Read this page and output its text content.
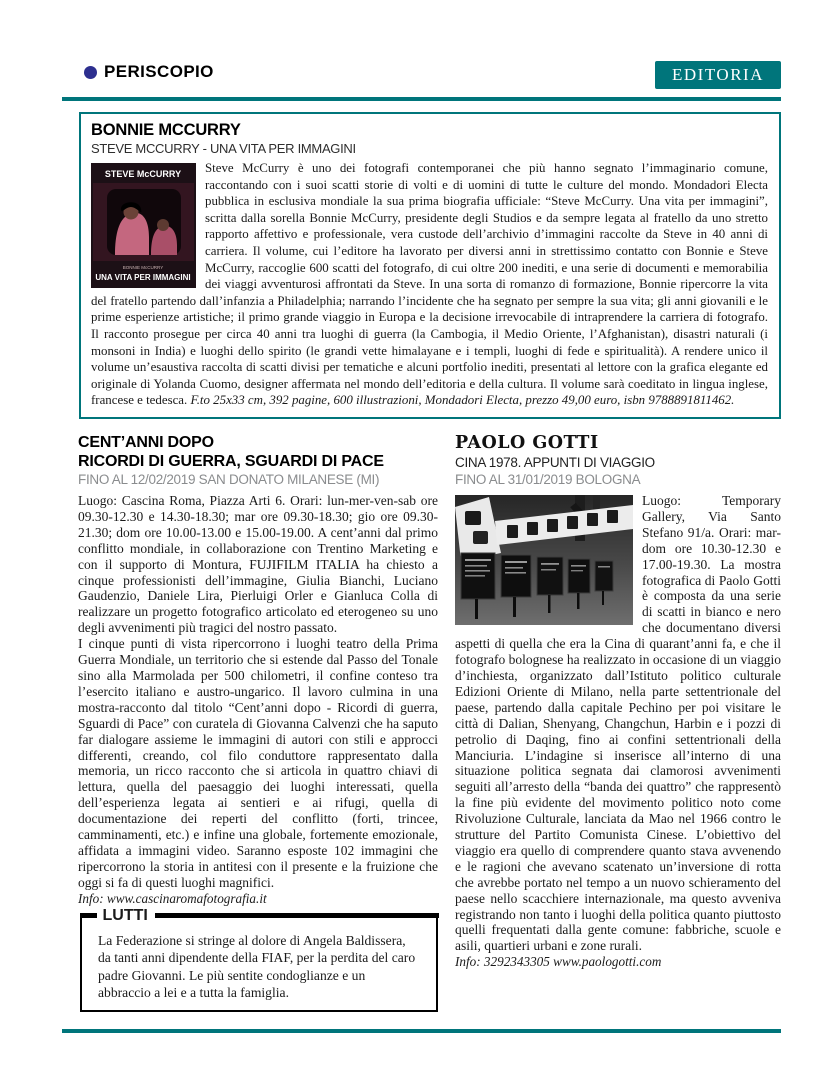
PERISCOPIO	EDITORIA
BONNIE MCCURRY
STEVE MCCURRY - UNA VITA PER IMMAGINI

STEVE McCURRY
BONNIE McCURRY
UNA VITA PER IMMAGINI
Steve McCurry è uno dei fotografi contemporanei che più hanno segnato l’immaginario comune, raccontando con i suoi scatti storie di volti e di uomini di tutte le culture del mondo. Mondadori Electa pubblica in esclusiva mondiale la sua prima biografia ufficiale: “Steve McCurry. Una vita per immagini”, scritta dalla sorella Bonnie McCurry, presidente degli Studios e da sempre legata al fratello da uno stretto rapporto affettivo e professionale, vera custode dell’archivio d’immagini raccolte da Steve in 40 anni di carriera. Il volume, cui l’editore ha lavorato per diversi anni in strettissimo contatto con Bonnie e Steve McCurry, raccoglie 600 scatti del fotografo, di cui oltre 200 inediti, e una serie di documenti e memorabilia dei viaggi avventurosi affrontati da Steve. In una sorta di romanzo di formazione, Bonnie ripercorre la vita del fratello partendo dall’infanzia a Philadelphia; narrando l’incidente che ha segnato per sempre la sua vita; gli anni giovanili e le prime esperienze artistiche; il primo grande viaggio in Europa e la decisione irrevocabile di intraprendere la carriera di fotografo. Il racconto prosegue per circa 40 anni tra luoghi di guerra (la Cambogia, il Medio Oriente, l’Afghanistan), disastri naturali (i monsoni in India) e luoghi dello spirito (le grandi vette himalayane e i templi, luoghi di fede e spiritualità). A rendere unico il volume un’esaustiva raccolta di scatti divisi per tematiche e alcuni portfolio inediti, presentati al lettore con la grafica elegante ed originale di Yolanda Cuomo, designer affermata nel mondo dell’editoria e della cultura. Il volume sarà coeditato in lingua inglese, francese e tedesca. F.to 25x33 cm, 392 pagine, 600 illustrazioni, Mondadori Electa, prezzo 49,00 euro, isbn 9788891811462.

CENT’ANNI DOPO
RICORDI DI GUERRA, SGUARDI DI PACE

FINO AL 12/02/2019 SAN DONATO MILANESE (MI)

Luogo: Cascina Roma, Piazza Arti 6. Orari: lun-mer-ven-sab ore 09.30-12.30 e 14.30-18.30; mar ore 09.30-18.30; gio ore 09.30-21.30; dom ore 10.00-13.00 e 15.00-19.00. A cent’anni dal primo conflitto mondiale, in collaborazione con Trentino Marketing e con il supporto di Montura, FUJIFILM ITALIA ha chiesto a cinque professionisti dell’immagine, Giulia Bianchi, Luciano Gaudenzio, Daniele Lira, Pierluigi Orler e Gianluca Colla di realizzare un progetto fotografico articolato ed eterogeneo su uno degli avvenimenti più tragici del nostro passato.

I cinque punti di vista ripercorrono i luoghi teatro della Prima Guerra Mondiale, un territorio che si estende dal Passo del Tonale sino alla Marmolada per 500 chilometri, il confine conteso tra l’esercito italiano e austro-ungarico. Il lavoro culmina in una mostra-racconto dal titolo “Cent’anni dopo - Ricordi di guerra, Sguardi di Pace” con curatela di Giovanna Calvenzi che ha saputo far dialogare assieme le immagini di autori con stili e approcci differenti, creando, col filo conduttore rappresentato dalla memoria, un ricco racconto che si articola in quattro chiavi di lettura, quella del paesaggio dei luoghi interessati, quella dell’esperienza legata ai sentieri e ai rifugi, quella di documentazione dei reperti del conflitto (forti, trincee, camminamenti, etc.) e infine una globale, fortemente emozionale, affidata a immagini video. Saranno esposte 102 immagini che ripercorrono la storia in antitesi con il presente e la fruizione che oggi si fa di questi luoghi magnifici.

Info: www.cascinaromafotografia.it

LUTTI

La Federazione si stringe al dolore di Angela Baldissera, da tanti anni dipendente della FIAF, per la perdita del caro padre Giovanni. Le più sentite condoglianze e un abbraccio a lei e a tutta la famiglia.

PAOLO GOTTI

CINA 1978. APPUNTI DI VIAGGIO

FINO AL 31/01/2019 BOLOGNA

Luogo: Temporary Gallery, Via Santo Stefano 91/a. Orari: mar-dom ore 10.30-12.30 e 17.00-19.30. La mostra fotografica di Paolo Gotti è composta da una serie di scatti in bianco e nero che documentano diversi aspetti di quella che era la Cina di quarant’anni fa, e che il fotografo bolognese ha realizzato in occasione di un viaggio d’inchiesta, organizzato dall’Istituto politico culturale Edizioni Oriente di Milano, nella parte settentrionale del paese, partendo dalla capitale Pechino per poi visitare le città di Dalian, Shenyang, Changchun, Harbin e i pozzi di petrolio di Daqing, fino ai confini settentrionali della Manciuria. L’indagine si inserisce all’interno di una situazione politica segnata dai clamorosi avvenimenti seguiti all’arresto della “banda dei quattro” che rappresentò la fine più evidente del movimento politico noto come Rivoluzione Culturale, lanciata da Mao nel 1966 contro le strutture del Partito Comunista Cinese. L’obiettivo del viaggio era quello di comprendere quanto stava avvenendo e le ragioni che avevano scatenato un’inversione di rotta che avrebbe portato nel tempo a un nuovo schieramento del paese nello scacchiere internazionale, ma questo avveniva registrando non tanto i luoghi della politica quanto piuttosto quelli frequentati dalla gente comune: fabbriche, scuole e asili, quartieri urbani e zone rurali.

Info: 3292343305 www.paologotti.com
